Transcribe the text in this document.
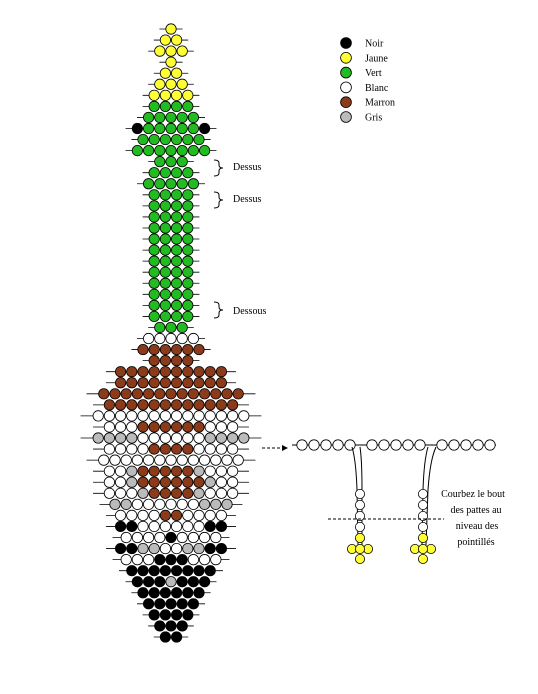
Noir
Jaune
Vert
Blanc
Marron
Gris
Dessus
Dessus
Dessous
Courbez le bout
des pattes au
niveau des
pointillés
